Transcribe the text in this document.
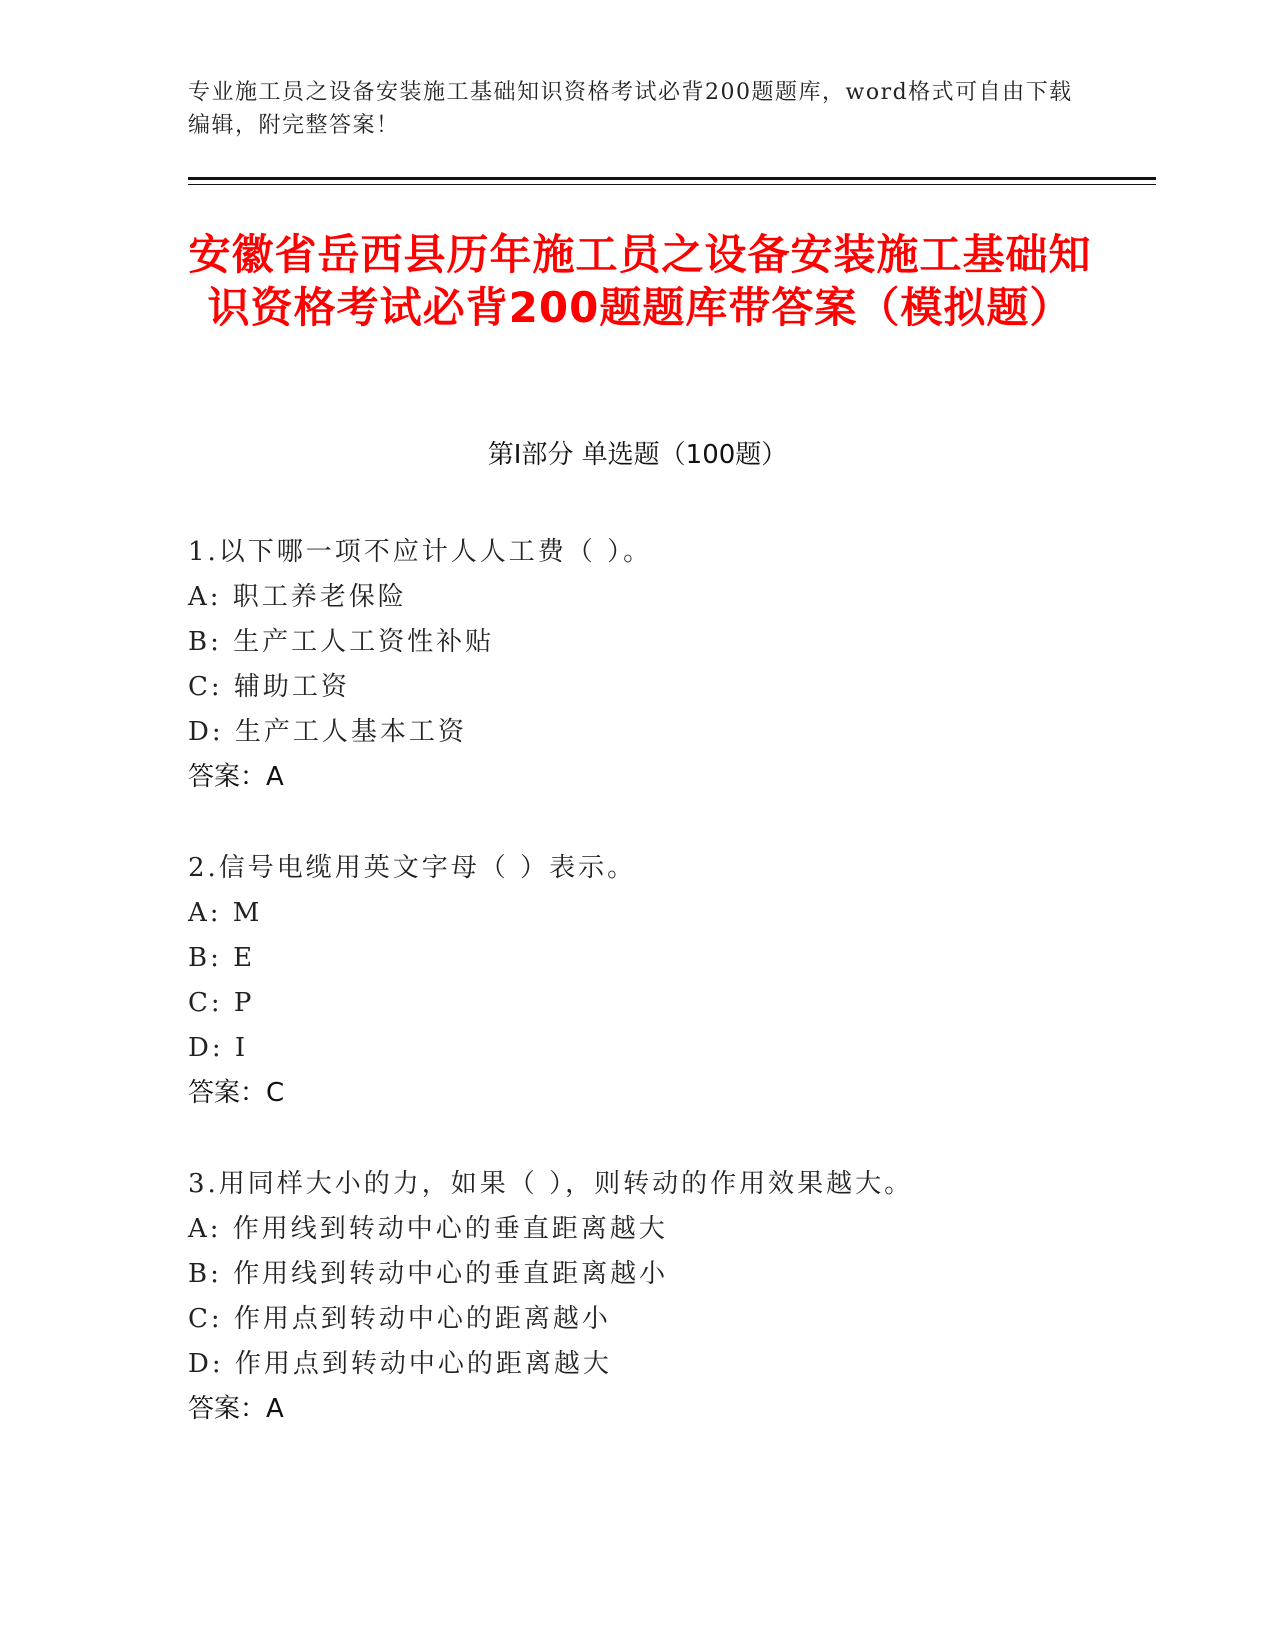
专业施工员之设备安装施工基础知识资格考试必背200题题库，word格式可自由下载编辑，附完整答案！
安徽省岳西县历年施工员之设备安装施工基础知识资格考试必背200题题库带答案（模拟题）
第Ⅰ部分 单选题（100题）
1.以下哪一项不应计人人工费（ ）。
A: 职工养老保险
B: 生产工人工资性补贴
C: 辅助工资
D: 生产工人基本工资
答案：A
2.信号电缆用英文字母（ ）表示。
A: M
B: E
C: P
D: I
答案：C
3.用同样大小的力，如果（ ），则转动的作用效果越大。
A: 作用线到转动中心的垂直距离越大
B: 作用线到转动中心的垂直距离越小
C: 作用点到转动中心的距离越小
D: 作用点到转动中心的距离越大
答案：A
